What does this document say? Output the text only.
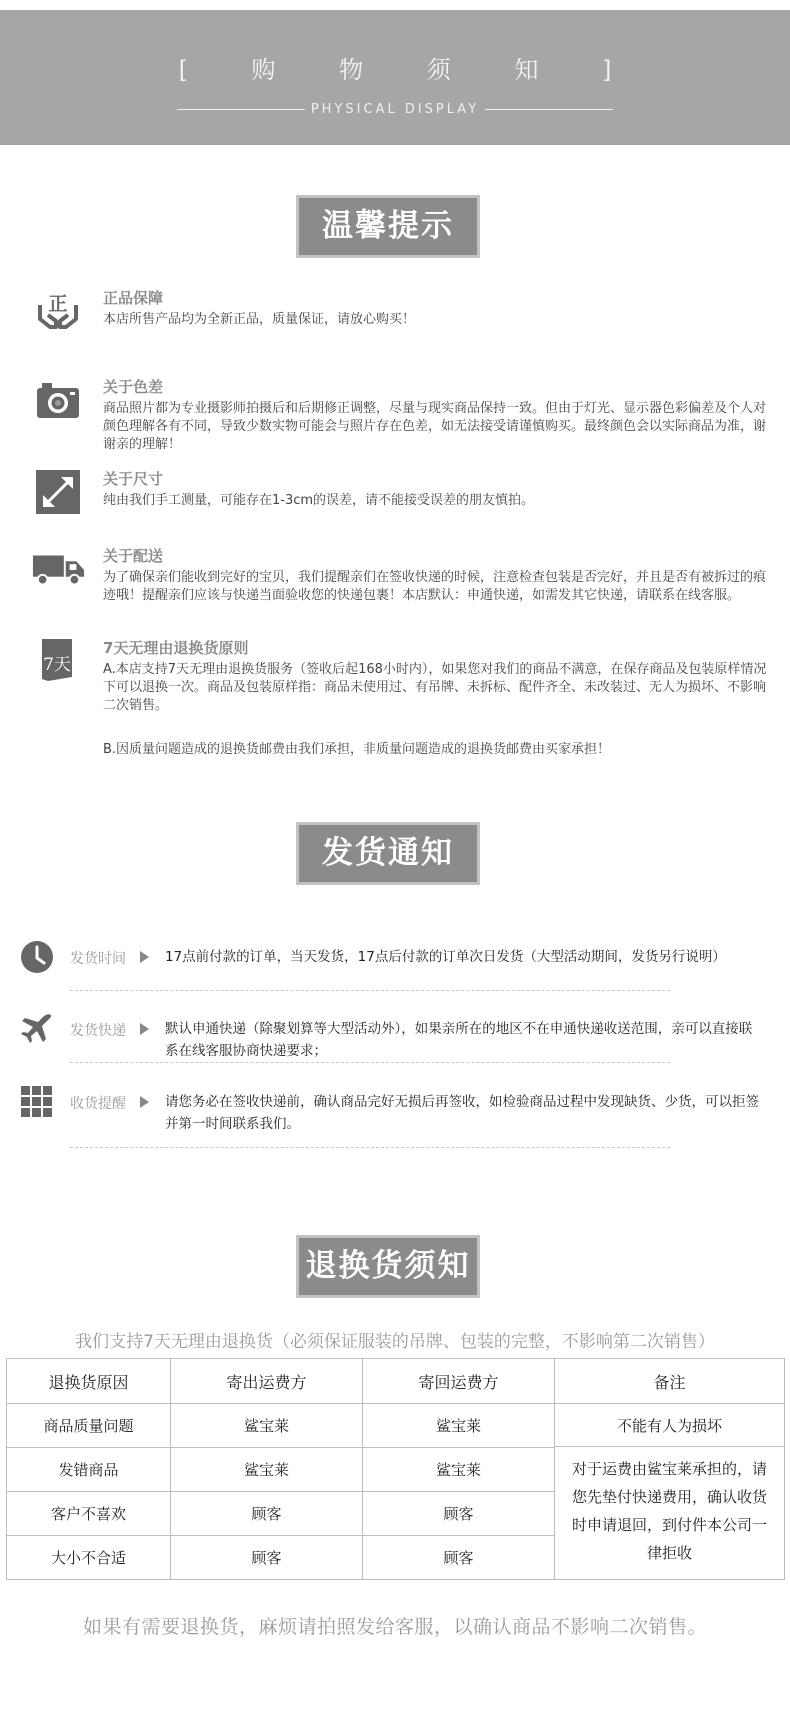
[ 购 物 须 知 ]
PHYSICAL DISPLAY
温馨提示
正 正品保障
本店所售产品均为全新正品，质量保证，请放心购买！
关于色差
商品照片都为专业摄影师拍摄后和后期修正调整，尽量与现实商品保持一致。但由于灯光、显示器色彩偏差及个人对颜色理解各有不同，导致少数实物可能会与照片存在色差，如无法接受请谨慎购买。最终颜色会以实际商品为准，谢谢亲的理解！
关于尺寸
纯由我们手工测量，可能存在1-3cm的误差，请不能接受误差的朋友慎拍。
关于配送
为了确保亲们能收到完好的宝贝，我们提醒亲们在签收快递的时候，注意检查包装是否完好，并且是否有被拆过的痕迹哦！提醒亲们应该与快递当面验收您的快递包裹！本店默认：申通快递，如需发其它快递，请联系在线客服。
7天
7天无理由退换货原则
A.本店支持7天无理由退换货服务（签收后起168小时内），如果您对我们的商品不满意，在保存商品及包装原样情况下可以退换一次。商品及包装原样指：商品未使用过、有吊牌、未拆标、配件齐全、未改装过、无人为损坏、不影响二次销售。
B.因质量问题造成的退换货邮费由我们承担，非质量问题造成的退换货邮费由买家承担！
发货通知
发货时间	17点前付款的订单，当天发货，17点后付款的订单次日发货（大型活动期间，发货另行说明）
发货快递	默认申通快递（除聚划算等大型活动外），如果亲所在的地区不在申通快递收送范围，亲可以直接联系在线客服协商快递要求；
收货提醒	请您务必在签收快递前，确认商品完好无损后再签收，如检验商品过程中发现缺货、少货，可以拒签并第一时间联系我们。
退换货须知
我们支持7天无理由退换货（必须保证服装的吊牌、包装的完整，不影响第二次销售）
退换货原因	寄出运费方	寄回运费方	备注
商品质量问题	鲨宝莱	鲨宝莱	不能有人为损坏
对于运费由鲨宝莱承担的，请您先垫付快递费用，确认收货时申请退回，到付件本公司一律拒收

发错商品	鲨宝莱	鲨宝莱	
客户不喜欢	顾客	顾客	
大小不合适	顾客	顾客	
如果有需要退换货，麻烦请拍照发给客服，以确认商品不影响二次销售。
